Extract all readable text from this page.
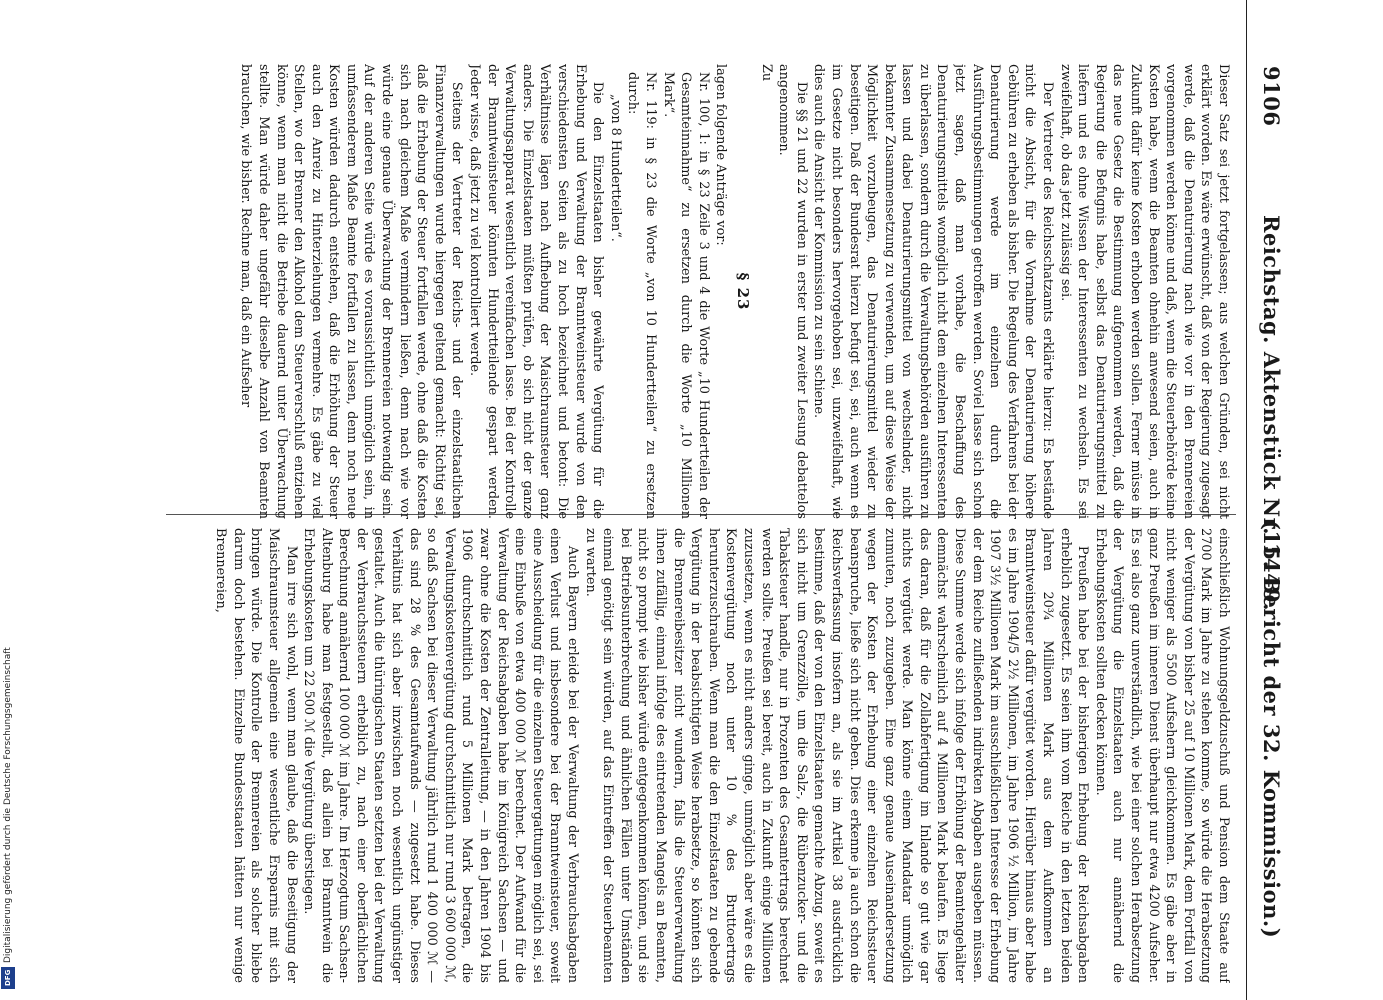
9106
Reichstag. Aktenstück Nr. 1449.
(15. Bericht der 32. Kommission.)

Dieser Satz sei jetzt fortgelassen; aus welchen Gründen, sei nicht erklärt worden. Es wäre erwünscht, daß von der Regierung zugesagt werde, daß die Denaturierung nach wie vor in den Brennereien vorgenommen werden könne und daß, wenn die Steuerbehörde keine Kosten habe, wenn die Beamten ohnehin anwesend seien, auch in Zukunft dafür keine Kosten erhoben werden sollen. Ferner müsse in das neue Gesetz die Bestimmung aufgenommen werden, daß die Regierung die Befugnis habe, selbst das Denaturierungsmittel zu liefern und es ohne Wissen der Interessenten zu wechseln. Es sei zweifelhaft, ob das jetzt zulässig sei.

Der Vertreter des Reichsschatzamts erklärte hierzu: Es bestände nicht die Absicht, für die Vornahme der Denaturierung höhere Gebühren zu erheben als bisher. Die Regelung des Verfahrens bei der Denaturierung werde im einzelnen durch die Ausführungsbestimmungen getroffen werden. Soviel lasse sich schon jetzt sagen, daß man vorhabe, die Beschaffung des Denaturierungsmittels womöglich nicht dem einzelnen Interessenten zu überlassen, sondern durch die Verwaltungsbehörden ausführen zu lassen und dabei Denaturierungsmittel von wechselnder, nicht bekannter Zusammensetzung zu verwenden, um auf diese Weise der Möglichkeit vorzubeugen, das Denaturierungsmittel wieder zu beseitigen. Daß der Bundesrat hierzu befugt sei, sei, auch wenn es im Gesetze nicht besonders hervorgehoben sei, unzweifelhaft, wie dies auch die Ansicht der Kommission zu sein schiene.

Die §§ 21 und 22 wurden in erster und zweiter Lesung debattelos angenommen.

Zu

§ 23

lagen folgende Anträge vor:

Nr. 100, 1: in § 23 Zeile 3 und 4 die Worte „10 Hundertteilen der Gesamteinnahme“ zu ersetzen durch die Worte „10 Millionen Mark“.

Nr. 119: in § 23 die Worte „von 10 Hundertteilen“ zu ersetzen durch:

„von 8 Hundertteilen“.

Die den Einzelstaaten bisher gewährte Vergütung für die Erhebung und Verwaltung der Branntweinsteuer wurde von den verschiedensten Seiten als zu hoch bezeichnet und betont: Die Verhältnisse lägen nach Aufhebung der Maischraumsteuer ganz anders. Die Einzelstaaten müßten prüfen, ob sich nicht der ganze Verwaltungsapparat wesentlich vereinfachen lasse. Bei der Kontrolle der Branntweinsteuer könnten Hundertteilende gespart werden. Jeder wisse, daß jetzt zu viel kontrolliert werde.

Seitens der Vertreter der Reichs- und der einzelstaatlichen Finanzverwaltungen wurde hiergegen geltend gemacht: Richtig sei, daß die Erhebung der Steuer fortfallen werde, ohne daß die Kosten sich nach gleichem Maße vermindern ließen, denn nach wie vor würde eine genaue Überwachung der Brennereien notwendig sein. Auf der anderen Seite würde es voraussichtlich unmöglich sein, in umfassenderem Maße Beamte fortfallen zu lassen, denn noch neue Kosten würden dadurch entstehen, daß die Erhöhung der Steuer auch den Anreiz zu Hinterziehungen vermehre. Es gäbe zu viel Stellen, wo der Brenner den Alkohol dem Steuerverschluß entziehen könne, wenn man nicht die Betriebe dauernd unter Überwachung stellte. Man würde daher ungefähr dieselbe Anzahl von Beamten brauchen, wie bisher. Rechne man, daß ein Aufseher

einschließlich Wohnungsgeldzuschuß und Pension dem Staate auf 2700 Mark im Jahre zu stehen komme, so würde die Herabsetzung der Vergütung von bisher 25 auf 10 Millionen Mark, dem Fortfall von nicht weniger als 5500 Aufsehern gleichkommen. Es gäbe aber in ganz Preußen im inneren Dienst überhaupt nur etwa 4200 Aufseher. Es sei also ganz unverständlich, wie bei einer solchen Herabsetzung der Vergütung die Einzelstaaten auch nur annähernd die Erhebungskosten sollten decken können.

Preußen habe bei der bisherigen Erhebung der Reichsabgaben erheblich zugesetzt. Es seien ihm vom Reiche in den letzten beiden Jahren 20¾ Millionen Mark aus dem Aufkommen an Branntweinsteuer dafür vergütet worden. Hierüber hinaus aber habe es im Jahre 1904/5 2½ Millionen, im Jahre 1906 ½ Million, im Jahre 1907 3½ Millionen Mark im ausschließlichen Interesse der Erhebung der dem Reiche zufließenden indirekten Abgaben ausgeben müssen. Diese Summe werde sich infolge der Erhöhung der Beamtengehälter demnächst wahrscheinlich auf 4 Millionen Mark belaufen. Es liege das daran, daß für die Zollabfertigung im Inlande so gut wie gar nichts vergütet werde. Man könne einem Mandatar unmöglich zumuten, noch zuzugeben. Eine ganz genaue Auseinandersetzung wegen der Kosten der Erhebung einer einzelnen Reichssteuer beanspruche, ließe sich nicht geben. Dies erkenne ja auch schon die Reichsverfassung insofern an, als sie im Artikel 38 ausdrücklich bestimme, daß der von den Einzelstaaten gemachte Abzug, soweit es sich nicht um Grenzzölle, um die Salz-, die Rübenzucker- und die Tabaksteuer handle, nur in Prozenten des Gesamtertrags berechnet werden sollte. Preußen sei bereit, auch in Zukunft einige Millionen zuzusetzen, wenn es nicht anders ginge, unmöglich aber wäre es die Kostenvergütung noch unter 10 % des Bruttoertrags herunterzuschrauben. Wenn man die den Einzelstaaten zu gebende Vergütung in der beabsichtigten Weise herabsetze, so könnten sich die Brennereibesitzer nicht wundern, falls die Steuerverwaltung ihnen zufällig, einmal infolge des eintretenden Mangels an Beamten, nicht so prompt wie bisher würde entgegenkommen können, und sie bei Betriebsunterbrechung und ähnlichen Fällen unter Umständen einmal genötigt sein würden, auf das Eintreffen der Steuerbeamten zu warten.

Auch Bayern erleide bei der Verwaltung der Verbrauchsabgaben einen Verlust und insbesondere bei der Branntweinsteuer, soweit eine Ausscheidung für die einzelnen Steuergattungen möglich sei, sei eine Einbuße von etwa 400 000 ℳ berechnet. Der Aufwand für die Verwaltung der Reichsabgaben habe im Königreich Sachsen — und zwar ohne die Kosten der Zentralleitung, — in den Jahren 1904 bis 1906 durchschnittlich rund 5 Millionen Mark betragen, die Verwaltungskostenvergütung durchschnittlich nur rund 3 600 000 ℳ, so daß Sachsen bei dieser Verwaltung jährlich rund 1 400 000 ℳ — das sind 28 % des Gesamtaufwands — zugesetzt habe. Dieses Verhältnis hat sich aber inzwischen noch wesentlich ungünstiger gestaltet. Auch die thüringischen Staaten setzten bei der Verwaltung der Verbrauchssteuern erheblich zu, nach einer oberflächlichen Berechnung annähernd 100 000 ℳ im Jahre. Im Herzogtum Sachsen-Altenburg habe man festgestellt, daß allein bei Branntwein die Erhebungskosten um 22 500 ℳ die Vergütung überstiegen.

Man irre sich wohl, wenn man glaube, daß die Beseitigung der Maischraumsteuer allgemein eine wesentliche Ersparnis mit sich bringen würde. Die Kontrolle der Brennereien als solcher bliebe darum doch bestehen. Einzelne Bundesstaaten hätten nur wenige Brennereien,

Digitalisierung gefördert durch die Deutsche Forschungsgemeinschaft
DFG
